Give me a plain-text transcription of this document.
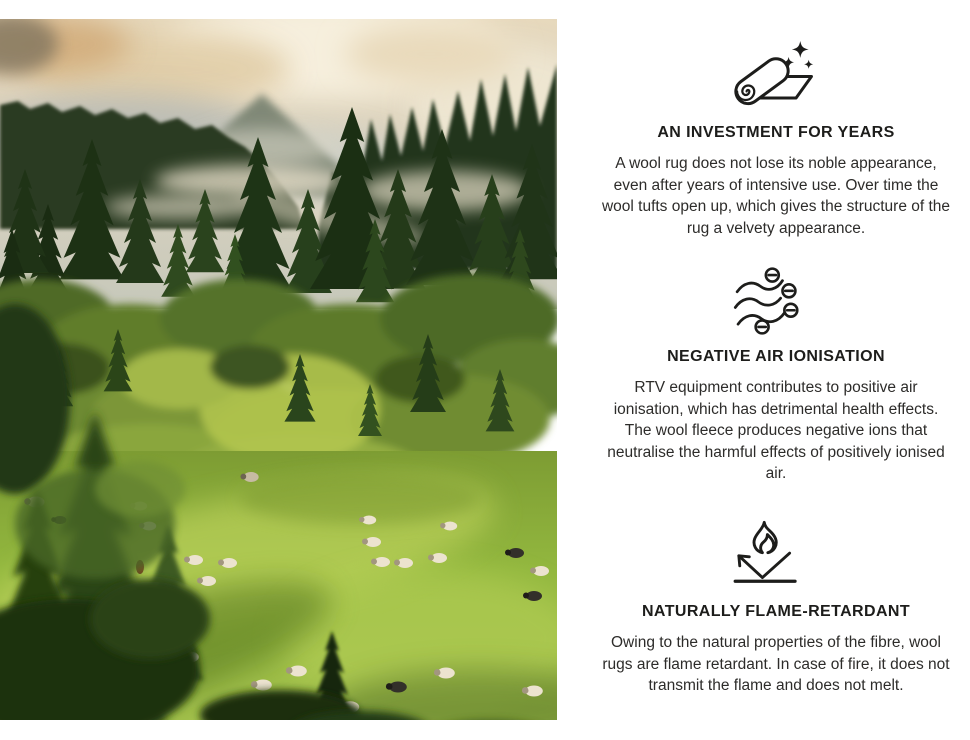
AN INVESTMENT FOR YEARS

A wool rug does not lose its noble appearance, even after years of intensive use. Over time the wool tufts open up, which gives the structure of the rug a velvety appearance.

NEGATIVE AIR IONISATION

RTV equipment contributes to positive air ionisation, which has detrimental health effects. The wool fleece produces negative ions that neutralise the harmful effects of positively ionised air.

NATURALLY FLAME-RETARDANT

Owing to the natural properties of the fibre, wool rugs are flame retardant. In case of fire, it does not transmit the flame and does not melt.
